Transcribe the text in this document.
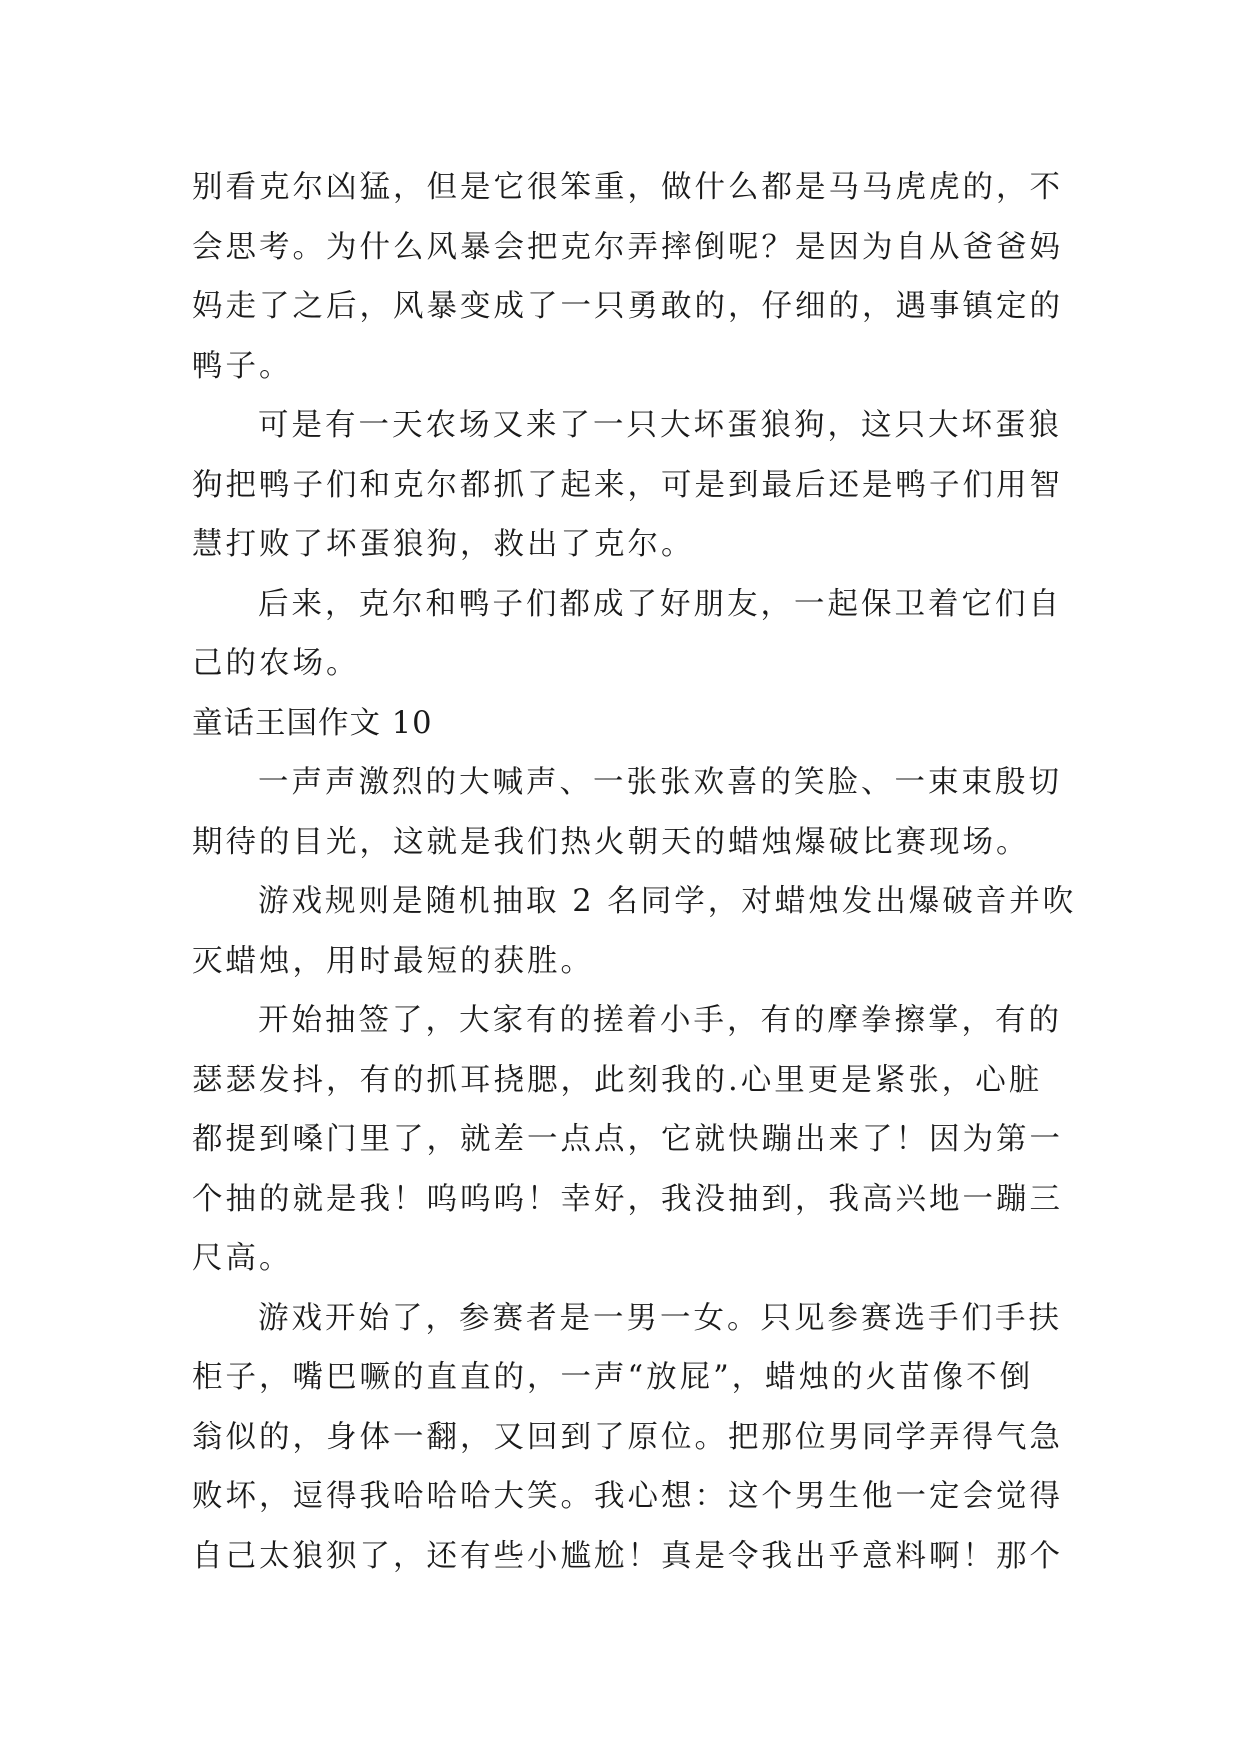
别看克尔凶猛，但是它很笨重，做什么都是马马虎虎的，不
会思考。为什么风暴会把克尔弄摔倒呢？是因为自从爸爸妈
妈走了之后，风暴变成了一只勇敢的，仔细的，遇事镇定的
鸭子。
可是有一天农场又来了一只大坏蛋狼狗，这只大坏蛋狼
狗把鸭子们和克尔都抓了起来，可是到最后还是鸭子们用智
慧打败了坏蛋狼狗，救出了克尔。
后来，克尔和鸭子们都成了好朋友，一起保卫着它们自
己的农场。
童话王国作文 10
一声声激烈的大喊声、一张张欢喜的笑脸、一束束殷切
期待的目光，这就是我们热火朝天的蜡烛爆破比赛现场。
游戏规则是随机抽取 2 名同学，对蜡烛发出爆破音并吹
灭蜡烛，用时最短的获胜。
开始抽签了，大家有的搓着小手，有的摩拳擦掌，有的
瑟瑟发抖，有的抓耳挠腮，此刻我的.心里更是紧张，心脏
都提到嗓门里了，就差一点点，它就快蹦出来了！因为第一
个抽的就是我！呜呜呜！幸好，我没抽到，我高兴地一蹦三
尺高。
游戏开始了，参赛者是一男一女。只见参赛选手们手扶
柜子，嘴巴噘的直直的，一声“放屁”，蜡烛的火苗像不倒
翁似的，身体一翻，又回到了原位。把那位男同学弄得气急
败坏，逗得我哈哈哈大笑。我心想：这个男生他一定会觉得
自己太狼狈了，还有些小尴尬！真是令我出乎意料啊！那个
